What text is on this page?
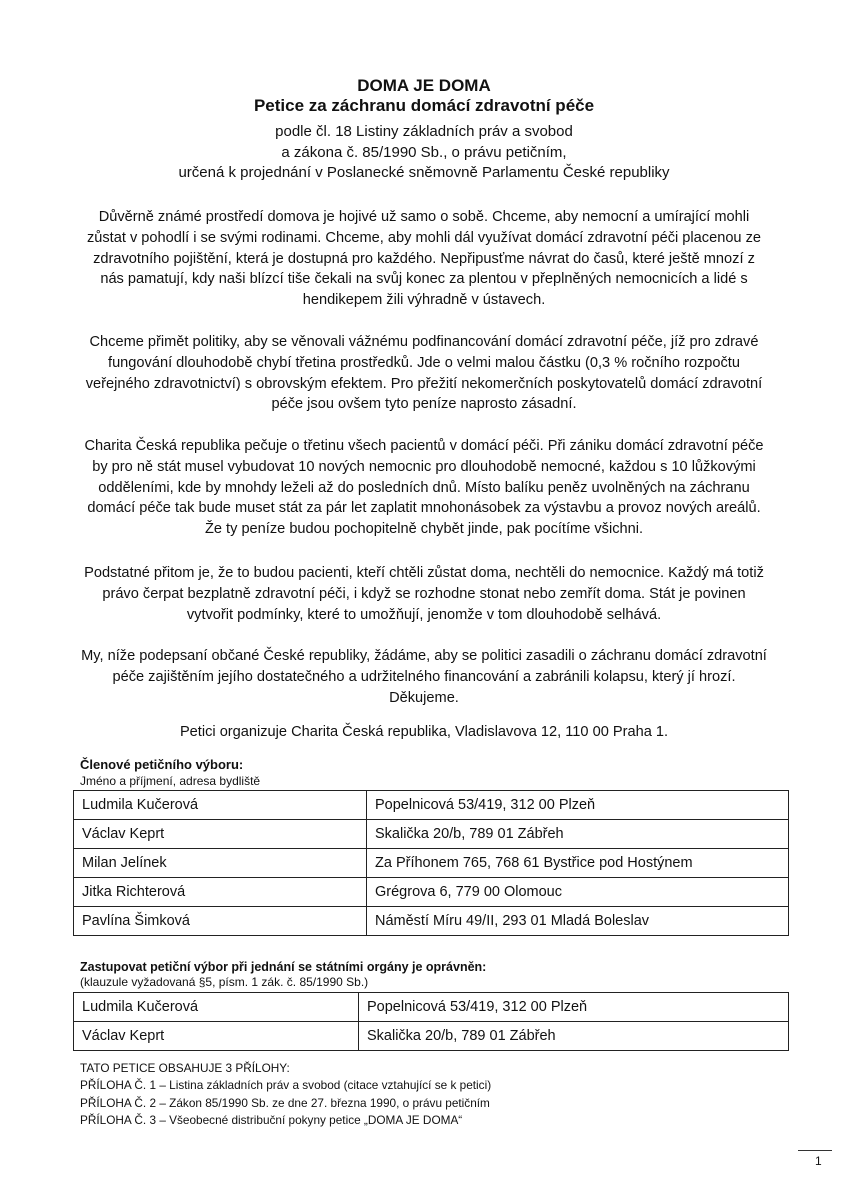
DOMA JE DOMA
Petice za záchranu domácí zdravotní péče
podle čl. 18 Listiny základních práv a svobod
a zákona č. 85/1990 Sb., o právu petičním,
určená k projednání v Poslanecké sněmovně Parlamentu České republiky
Důvěrně známé prostředí domova je hojivé už samo o sobě. Chceme, aby nemocní a umírající mohli zůstat v pohodlí i se svými rodinami. Chceme, aby mohli dál využívat domácí zdravotní péči placenou ze zdravotního pojištění, která je dostupná pro každého. Nepřipusťme návrat do časů, které ještě mnozí z nás pamatují, kdy naši blízcí tiše čekali na svůj konec za plentou v přeplněných nemocnicích a lidé s hendikepem žili výhradně v ústavech.
Chceme přimět politiky, aby se věnovali vážnému podfinancování domácí zdravotní péče, jíž pro zdravé fungování dlouhodobě chybí třetina prostředků. Jde o velmi malou částku (0,3 % ročního rozpočtu veřejného zdravotnictví) s obrovským efektem. Pro přežití nekomerčních poskytovatelů domácí zdravotní péče jsou ovšem tyto peníze naprosto zásadní.
Charita Česká republika pečuje o třetinu všech pacientů v domácí péči. Při zániku domácí zdravotní péče by pro ně stát musel vybudovat 10 nových nemocnic pro dlouhodobě nemocné, každou s 10 lůžkovými odděleními, kde by mnohdy leželi až do posledních dnů. Místo balíku peněz uvolněných na záchranu domácí péče tak bude muset stát za pár let zaplatit mnohonásobek za výstavbu a provoz nových areálů. Že ty peníze budou pochopitelně chybět jinde, pak pocítíme všichni.
Podstatné přitom je, že to budou pacienti, kteří chtěli zůstat doma, nechtěli do nemocnice. Každý má totiž právo čerpat bezplatně zdravotní péči, i když se rozhodne stonat nebo zemřít doma. Stát je povinen vytvořit podmínky, které to umožňují, jenomže v tom dlouhodobě selhává.
My, níže podepsaní občané České republiky, žádáme, aby se politici zasadili o záchranu domácí zdravotní péče zajištěním jejího dostatečného a udržitelného financování a zabránili kolapsu, který jí hrozí. Děkujeme.
Petici organizuje Charita Česká republika, Vladislavova 12, 110 00 Praha 1.
Členové petičního výboru:
Jméno a příjmení, adresa bydliště
Ludmila Kučerová	Popelnicová 53/419, 312 00 Plzeň
Václav Keprt	Skalička 20/b, 789 01 Zábřeh
Milan Jelínek	Za Příhonem 765, 768 61 Bystřice pod Hostýnem
Jitka Richterová	Grégrova 6, 779 00 Olomouc
Pavlína Šimková	Náměstí Míru 49/II, 293 01 Mladá Boleslav
Zastupovat petiční výbor při jednání se státními orgány je oprávněn:
(klauzule vyžadovaná §5, písm. 1 zák. č. 85/1990 Sb.)
Ludmila Kučerová	Popelnicová 53/419, 312 00 Plzeň
Václav Keprt	Skalička 20/b, 789 01 Zábřeh
TATO PETICE OBSAHUJE 3 PŘÍLOHY:
PŘÍLOHA Č. 1 – Listina základních práv a svobod (citace vztahující se k petici)
PŘÍLOHA Č. 2 – Zákon 85/1990 Sb. ze dne 27. března 1990, o právu petičním
PŘÍLOHA Č. 3 – Všeobecné distribuční pokyny petice „DOMA JE DOMA“
1
